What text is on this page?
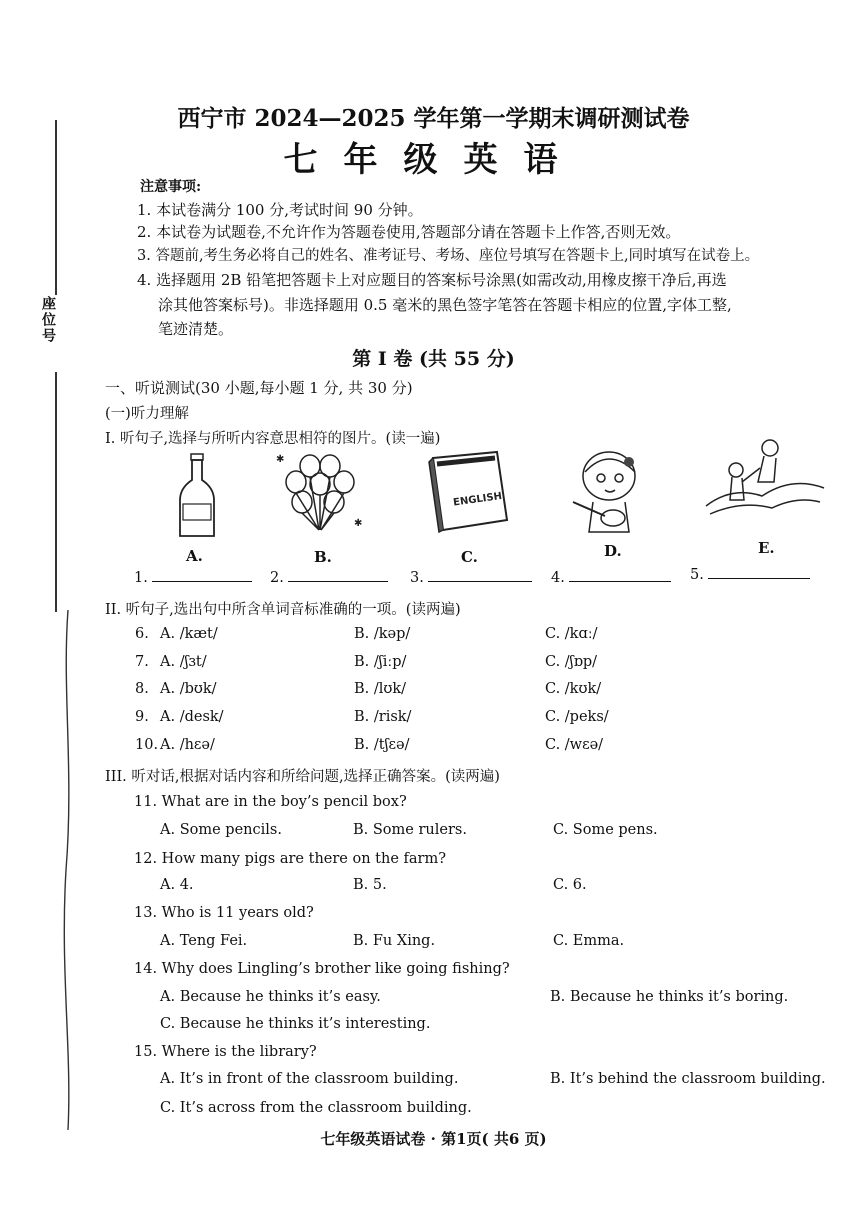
座位号
西宁市 2024—2025 学年第一学期末调研测试卷
七年级英语
注意事项:
1. 本试卷满分 100 分,考试时间 90 分钟。
2. 本试卷为试题卷,不允许作为答题卷使用,答题部分请在答题卡上作答,否则无效。
3. 答题前,考生务必将自己的姓名、准考证号、考场、座位号填写在答题卡上,同时填写在试卷上。
4. 选择题用 2B 铅笔把答题卡上对应题目的答案标号涂黑(如需改动,用橡皮擦干净后,再选
涂其他答案标号)。非选择题用 0.5 毫米的黑色签字笔答在答题卡相应的位置,字体工整,
笔迹清楚。
第 I 卷 (共 55 分)
一、听说测试(30 小题,每小题 1 分, 共 30 分)
(一)听力理解
I. 听句子,选择与所听内容意思相符的图片。(读一遍)
✱
✱
ENGLISH
A.	B.	C.	D.	E.
1.	2.	3.	4.	5.
II. 听句子,选出句中所含单词音标准确的一项。(读两遍)
6. A. /kæt/	B. /kəp/	C. /kɑː/
7. A. /ʃɜt/	B. /ʃiːp/	C. /ʃɒp/
8. A. /bʊk/	B. /lʊk/	C. /kʊk/
9. A. /desk/	B. /risk/	C. /peks/
10. A. /hɛə/	B. /tʃɛə/	C. /wɛə/
III. 听对话,根据对话内容和所给问题,选择正确答案。(读两遍)
11. What are in the boy’s pencil box?
A. Some pencils.	B. Some rulers.	C. Some pens.
12. How many pigs are there on the farm?
A. 4.	B. 5.	C. 6.
13. Who is 11 years old?
A. Teng Fei.	B. Fu Xing.	C. Emma.
14. Why does Lingling’s brother like going fishing?
A. Because he thinks it’s easy.	B. Because he thinks it’s boring.
C. Because he thinks it’s interesting.
15. Where is the library?
A. It’s in front of the classroom building.	B. It’s behind the classroom building.
C. It’s across from the classroom building.
七年级英语试卷 · 第1页( 共6 页)
